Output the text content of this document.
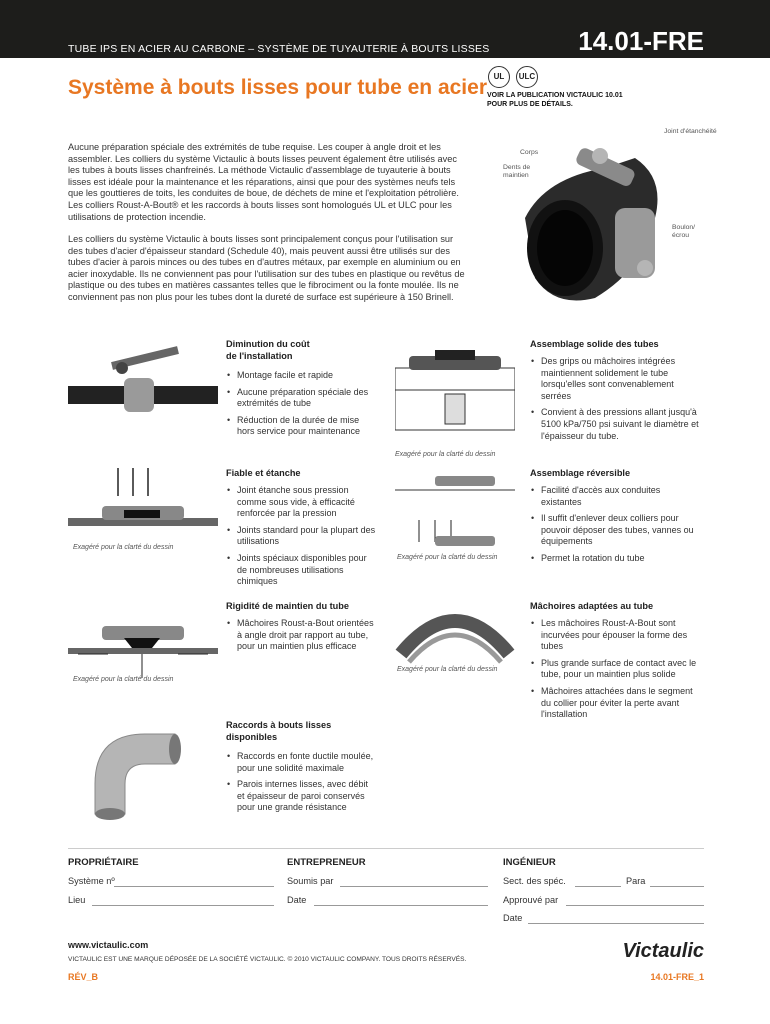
TUBE IPS EN ACIER AU CARBONE – SYSTÈME DE TUYAUTERIE À BOUTS LISSES	14.01-FRE
Système à bouts lisses pour tube en acier UL ULC
VOIR LA PUBLICATION VICTAULIC 10.01
POUR PLUS DE DÉTAILS.
Joint d'étanchéité
Corps
Dents de maintien
Boulon/ écrou
Aucune préparation spéciale des extrémités de tube requise. Les couper à angle droit et les assembler. Les colliers du système Victaulic à bouts lisses peuvent également être utilisés avec les tubes à bouts lisses chanfreinés. La méthode Victaulic d'assemblage de tuyauterie à bouts lisses est idéale pour la maintenance et les réparations, ainsi que pour des systèmes neufs tels que les gouttieres de toits, les conduites de boue, de déchets de mine et l'exploitation pétrolière. Les colliers Roust-A-Bout® et les raccords à bouts lisses sont homologués UL et ULC pour les utilisations de protection incendie.
Les colliers du système Victaulic à bouts lisses sont principalement conçus pour l'utilisation sur des tubes d'acier d'épaisseur standard (Schedule 40), mais peuvent aussi être utilisés sur des tubes d'acier à parois minces ou des tubes en d'autres métaux, par exemple en aluminium ou en acier inoxydable. Ils ne conviennent pas pour l'utilisation sur des tubes en plastique ou revêtus de plastique ou des tubes en matières cassantes telles que le fibrociment ou la fonte moulée. Ils ne conviennent pas non plus pour les tubes dont la dureté de surface est supérieure à 150 Brinell.
Diminution du coût
de l'installation
• Montage facile et rapide
• Aucune préparation spéciale des extrémités de tube
• Réduction de la durée de mise hors service pour maintenance
Exagéré pour la clarté du dessin
Assemblage solide des tubes
• Des grips ou mâchoires intégrées maintiennent solidement le tube lorsqu'elles sont convenablement serrées
• Convient à des pressions allant jusqu'à 5100 kPa/750 psi suivant le diamètre et l'épaisseur du tube.
Exagéré pour la clarté du dessin
Fiable et étanche
• Joint étanche sous pression comme sous vide, à efficacité renforcée par la pression
• Joints standard pour la plupart des utilisations
• Joints spéciaux disponibles pour de nombreuses utilisations chimiques
Exagéré pour la clarté du dessin
Assemblage réversible
• Facilité d'accès aux conduites existantes
• Il suffit d'enlever deux colliers pour pouvoir déposer des tubes, vannes ou équipements
• Permet la rotation du tube
Exagéré pour la clarté du dessin
Rigidité de maintien du tube
• Mâchoires Roust-a-Bout orientées à angle droit par rapport au tube, pour un maintien plus efficace
Exagéré pour la clarté du dessin
Mâchoires adaptées au tube
• Les mâchoires Roust-A-Bout sont incurvées pour épouser la forme des tubes
• Plus grande surface de contact avec le tube, pour un maintien plus solide
• Mâchoires attachées dans le segment du collier pour éviter la perte avant l'installation
Raccords à bouts lisses
disponibles
• Raccords en fonte ductile moulée, pour une solidité maximale
• Parois internes lisses, avec débit et épaisseur de paroi conservés pour une grande résistance
PROPRIÉTAIRE
Système nº
Lieu
ENTREPRENEUR
Soumis par
Date
INGÉNIEUR
Sect. des spéc.	Para
Approuvé par
Date
www.victaulic.com
VICTAULIC EST UNE MARQUE DÉPOSÉE DE LA SOCIÉTÉ VICTAULIC. © 2010 VICTAULIC COMPANY. TOUS DROITS RÉSERVÉS.
RÉV_B
Victaulic
14.01-FRE_1
